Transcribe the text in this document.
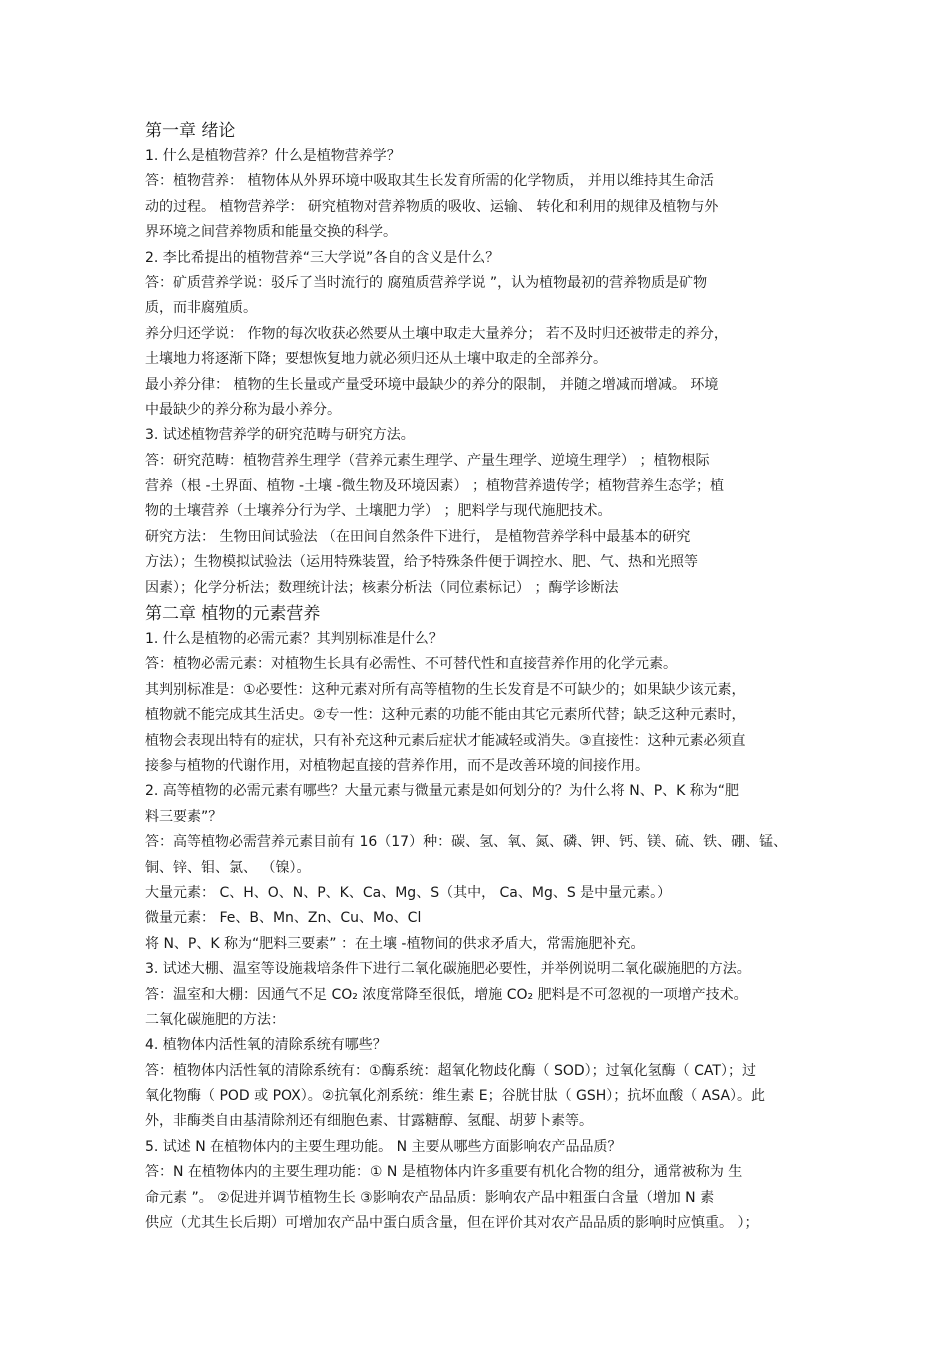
第一章 绪论
1. 什么是植物营养？什么是植物营养学？
答：植物营养： 植物体从外界环境中吸取其生长发育所需的化学物质， 并用以维持其生命活
动的过程。 植物营养学： 研究植物对营养物质的吸收、运输、 转化和利用的规律及植物与外
界环境之间营养物质和能量交换的科学。
2. 李比希提出的植物营养“三大学说”各自的含义是什么？
答：矿质营养学说：驳斥了当时流行的 腐殖质营养学说 ”，认为植物最初的营养物质是矿物
质，而非腐殖质。
养分归还学说： 作物的每次收获必然要从土壤中取走大量养分； 若不及时归还被带走的养分，
土壤地力将逐渐下降；要想恢复地力就必须归还从土壤中取走的全部养分。
最小养分律： 植物的生长量或产量受环境中最缺少的养分的限制， 并随之增减而增减。 环境
中最缺少的养分称为最小养分。
3. 试述植物营养学的研究范畴与研究方法。
答：研究范畴：植物营养生理学（营养元素生理学、产量生理学、逆境生理学） ；植物根际
营养（根 -土界面、植物 -土壤 -微生物及环境因素） ；植物营养遗传学；植物营养生态学；植
物的土壤营养（土壤养分行为学、土壤肥力学） ；肥料学与现代施肥技术。
研究方法： 生物田间试验法 （在田间自然条件下进行， 是植物营养学科中最基本的研究
方法）；生物模拟试验法（运用特殊装置，给予特殊条件便于调控水、肥、气、热和光照等
因素）；化学分析法；数理统计法；核素分析法（同位素标记） ；酶学诊断法
第二章 植物的元素营养
1. 什么是植物的必需元素？其判别标准是什么？
答：植物必需元素：对植物生长具有必需性、不可替代性和直接营养作用的化学元素。
其判别标准是：①必要性：这种元素对所有高等植物的生长发育是不可缺少的；如果缺少该元素，
植物就不能完成其生活史。②专一性：这种元素的功能不能由其它元素所代替；缺乏这种元素时，
植物会表现出特有的症状，只有补充这种元素后症状才能减轻或消失。③直接性：这种元素必须直
接参与植物的代谢作用，对植物起直接的营养作用，而不是改善环境的间接作用。
2. 高等植物的必需元素有哪些？大量元素与微量元素是如何划分的？为什么将 N、P、K 称为“肥
料三要素”？
答：高等植物必需营养元素目前有 16（17）种：碳、氢、氧、氮、磷、钾、钙、镁、硫、铁、硼、锰、
铜、锌、钼、氯、 （镍）。
大量元素： C、H、O、N、P、K、Ca、Mg、S（其中， Ca、Mg、S 是中量元素。）
微量元素： Fe、B、Mn、Zn、Cu、Mo、Cl
将 N、P、K 称为“肥料三要素” ：在土壤 -植物间的供求矛盾大，常需施肥补充。
3. 试述大棚、温室等设施栽培条件下进行二氧化碳施肥必要性，并举例说明二氧化碳施肥的方法。
答：温室和大棚：因通气不足 CO₂ 浓度常降至很低，增施 CO₂ 肥料是不可忽视的一项增产技术。
二氧化碳施肥的方法：
4. 植物体内活性氧的清除系统有哪些？
答：植物体内活性氧的清除系统有：①酶系统：超氧化物歧化酶（ SOD）；过氧化氢酶（ CAT）；过
氧化物酶（ POD 或 POX）。②抗氧化剂系统：维生素 E；谷胱甘肽（ GSH）；抗坏血酸（ ASA）。此
外，非酶类自由基清除剂还有细胞色素、甘露糖醇、氢醌、胡萝卜素等。
5. 试述 N 在植物体内的主要生理功能。 N 主要从哪些方面影响农产品品质？
答：N 在植物体内的主要生理功能：① N 是植物体内许多重要有机化合物的组分，通常被称为 生
命元素 ”。 ②促进并调节植物生长 ③影响农产品品质：影响农产品中粗蛋白含量（增加 N 素
供应（尤其生长后期）可增加农产品中蛋白质含量，但在评价其对农产品品质的影响时应慎重。 ）；
